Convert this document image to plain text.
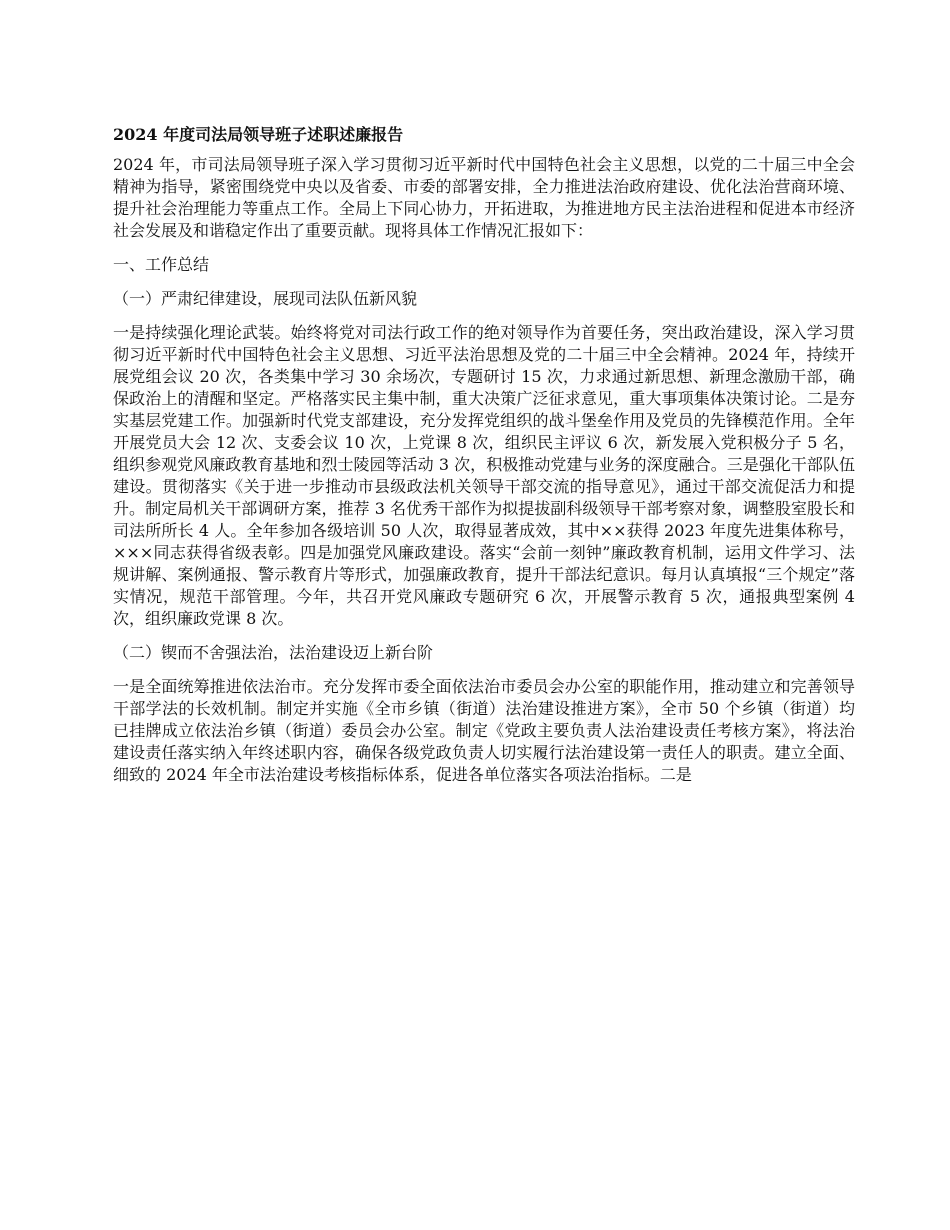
2024 年度司法局领导班子述职述廉报告
2024 年，市司法局领导班子深入学习贯彻习近平新时代中国特色社会主义思想，以党的二十届三中全会精神为指导，紧密围绕党中央以及省委、市委的部署安排，全力推进法治政府建设、优化法治营商环境、提升社会治理能力等重点工作。全局上下同心协力，开拓进取，为推进地方民主法治进程和促进本市经济社会发展及和谐稳定作出了重要贡献。现将具体工作情况汇报如下：
一、工作总结
（一）严肃纪律建设，展现司法队伍新风貌
一是持续强化理论武装。始终将党对司法行政工作的绝对领导作为首要任务，突出政治建设，深入学习贯彻习近平新时代中国特色社会主义思想、习近平法治思想及党的二十届三中全会精神。2024 年，持续开展党组会议 20 次，各类集中学习 30 余场次，专题研讨 15 次，力求通过新思想、新理念激励干部，确保政治上的清醒和坚定。严格落实民主集中制，重大决策广泛征求意见，重大事项集体决策讨论。二是夯实基层党建工作。加强新时代党支部建设，充分发挥党组织的战斗堡垒作用及党员的先锋模范作用。全年开展党员大会 12 次、支委会议 10 次，上党课 8 次，组织民主评议 6 次，新发展入党积极分子 5 名，组织参观党风廉政教育基地和烈士陵园等活动 3 次，积极推动党建与业务的深度融合。三是强化干部队伍建设。贯彻落实《关于进一步推动市县级政法机关领导干部交流的指导意见》，通过干部交流促活力和提升。制定局机关干部调研方案，推荐 3 名优秀干部作为拟提拔副科级领导干部考察对象，调整股室股长和司法所所长 4 人。全年参加各级培训 50 人次，取得显著成效，其中××获得 2023 年度先进集体称号，×××同志获得省级表彰。四是加强党风廉政建设。落实“会前一刻钟”廉政教育机制，运用文件学习、法规讲解、案例通报、警示教育片等形式，加强廉政教育，提升干部法纪意识。每月认真填报“三个规定”落实情况，规范干部管理。今年，共召开党风廉政专题研究 6 次，开展警示教育 5 次，通报典型案例 4 次，组织廉政党课 8 次。
（二）锲而不舍强法治，法治建设迈上新台阶
一是全面统筹推进依法治市。充分发挥市委全面依法治市委员会办公室的职能作用，推动建立和完善领导干部学法的长效机制。制定并实施《全市乡镇（街道）法治建设推进方案》，全市 50 个乡镇（街道）均已挂牌成立依法治乡镇（街道）委员会办公室。制定《党政主要负责人法治建设责任考核方案》，将法治建设责任落实纳入年终述职内容，确保各级党政负责人切实履行法治建设第一责任人的职责。建立全面、细致的 2024 年全市法治建设考核指标体系，促进各单位落实各项法治指标。二是
